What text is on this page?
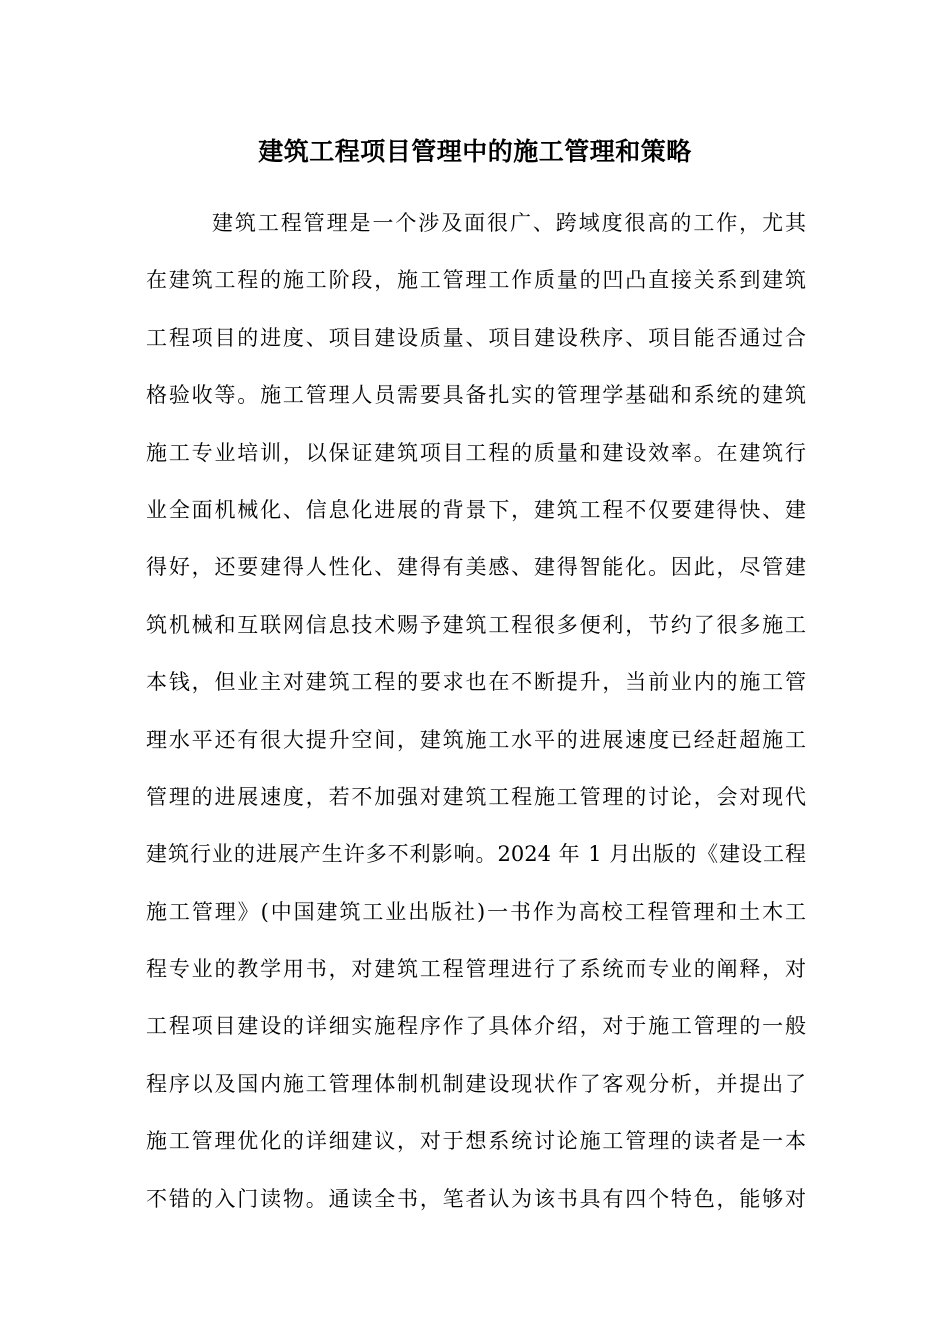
建筑工程项目管理中的施工管理和策略
建筑工程管理是一个涉及面很广、跨域度很高的工作，尤其
在建筑工程的施工阶段，施工管理工作质量的凹凸直接关系到建筑
工程项目的进度、项目建设质量、项目建设秩序、项目能否通过合
格验收等。施工管理人员需要具备扎实的管理学基础和系统的建筑
施工专业培训，以保证建筑项目工程的质量和建设效率。在建筑行
业全面机械化、信息化进展的背景下，建筑工程不仅要建得快、建
得好，还要建得人性化、建得有美感、建得智能化。因此，尽管建
筑机械和互联网信息技术赐予建筑工程很多便利，节约了很多施工
本钱，但业主对建筑工程的要求也在不断提升，当前业内的施工管
理水平还有很大提升空间，建筑施工水平的进展速度已经赶超施工
管理的进展速度，若不加强对建筑工程施工管理的讨论，会对现代
建筑行业的进展产生许多不利影响。2024 年 1 月出版的《建设工程
施工管理》(中国建筑工业出版社)一书作为高校工程管理和土木工
程专业的教学用书，对建筑工程管理进行了系统而专业的阐释，对
工程项目建设的详细实施程序作了具体介绍，对于施工管理的一般
程序以及国内施工管理体制机制建设现状作了客观分析，并提出了
施工管理优化的详细建议，对于想系统讨论施工管理的读者是一本
不错的入门读物。通读全书，笔者认为该书具有四个特色，能够对
